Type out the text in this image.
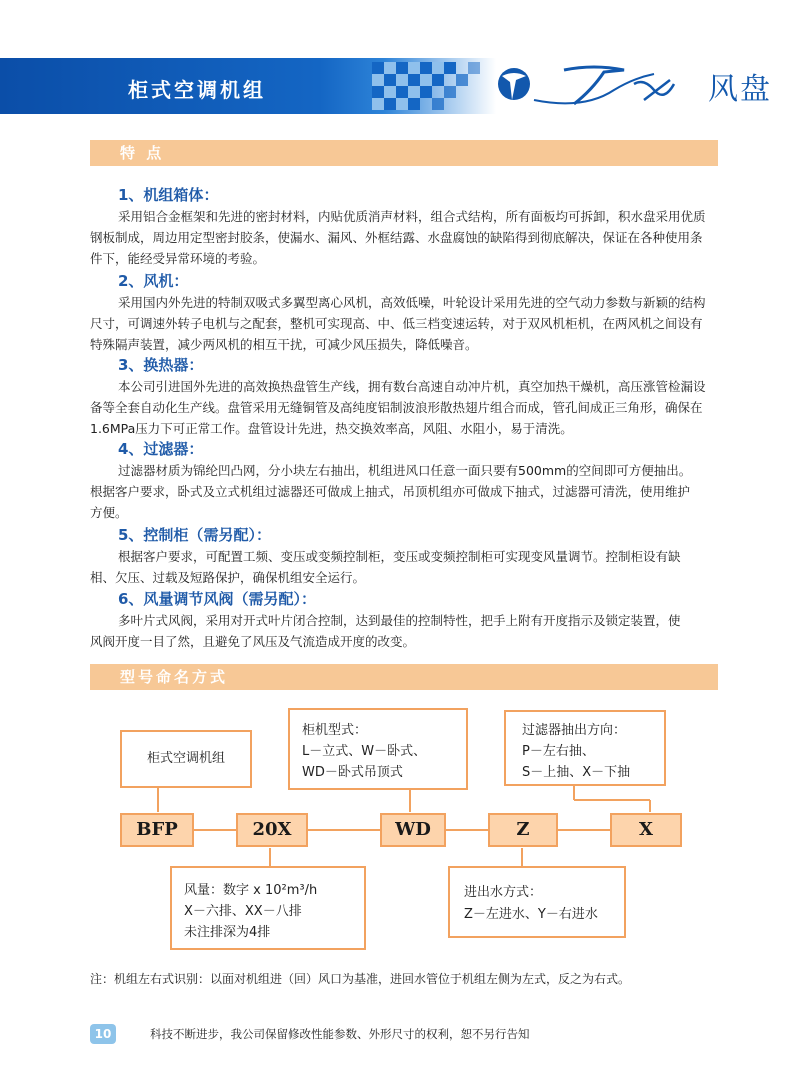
柜式空调机组	风盘
特 点
1、机组箱体：

采用铝合金框架和先进的密封材料，内贴优质消声材料，组合式结构，所有面板均可拆卸，积水盘采用优质

钢板制成，周边用定型密封胶条，使漏水、漏风、外框结露、水盘腐蚀的缺陷得到彻底解决，保证在各种使用条

件下，能经受异常环境的考验。

2、风机：

采用国内外先进的特制双吸式多翼型离心风机，高效低噪，叶轮设计采用先进的空气动力参数与新颖的结构

尺寸，可调速外转子电机与之配套，整机可实现高、中、低三档变速运转，对于双风机柜机，在两风机之间设有

特殊隔声装置，减少两风机的相互干扰，可减少风压损失，降低噪音。

3、换热器：

本公司引进国外先进的高效换热盘管生产线，拥有数台高速自动冲片机，真空加热干燥机，高压涨管检漏设

备等全套自动化生产线。盘管采用无缝铜管及高纯度铝制波浪形散热翅片组合而成，管孔间成正三角形，确保在

1.6MPa压力下可正常工作。盘管设计先进，热交换效率高，风阻、水阻小，易于清洗。

4、过滤器：

过滤器材质为锦纶凹凸网，分小块左右抽出，机组进风口任意一面只要有500mm的空间即可方便抽出。

根据客户要求，卧式及立式机组过滤器还可做成上抽式，吊顶机组亦可做成下抽式，过滤器可清洗，使用维护

方便。

5、控制柜（需另配）：

根据客户要求，可配置工频、变压或变频控制柜，变压或变频控制柜可实现变风量调节。控制柜设有缺

相、欠压、过载及短路保护，确保机组安全运行。

6、风量调节风阀（需另配）：

多叶片式风阀，采用对开式叶片闭合控制，达到最佳的控制特性，把手上附有开度指示及锁定装置，使

风阀开度一目了然，且避免了风压及气流造成开度的改变。

型号命名方式
柜式空调机组
柜机型式：
L－立式、W－卧式、
WD－卧式吊顶式
过滤器抽出方向：
P－左右抽、
S－上抽、X－下抽
BFP	20X	WD	Z	X
风量：数字 x 10²m³/h
X－六排、XX－八排
未注排深为4排
进出水方式：
Z－左进水、Y－右进水
注：机组左右式识别：以面对机组进（回）风口为基准，进回水管位于机组左侧为左式，反之为右式。
10	科技不断进步，我公司保留修改性能参数、外形尺寸的权利，恕不另行告知
